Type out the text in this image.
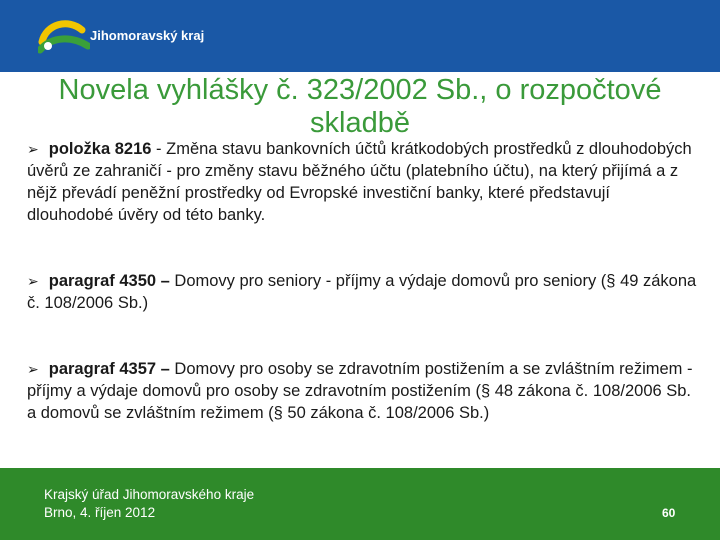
Jihomoravský kraj
Novela vyhlášky č. 323/2002 Sb., o rozpočtové
skladbě
➢ položka 8216 - Změna stavu bankovních účtů krátkodobých prostředků z dlouhodobých úvěrů ze zahraničí - pro změny stavu běžného účtu (platebního účtu), na který přijímá a z nějž převádí peněžní prostředky od Evropské investiční banky, které představují dlouhodobé úvěry od této banky.
➢ paragraf 4350 – Domovy pro seniory - příjmy a výdaje domovů pro seniory (§ 49 zákona č. 108/2006 Sb.)
➢ paragraf 4357 – Domovy pro osoby se zdravotním postižením a se zvláštním režimem - příjmy a výdaje domovů pro osoby se zdravotním postižením (§ 48 zákona č. 108/2006 Sb. a domovů se zvláštním režimem (§ 50 zákona č. 108/2006 Sb.)
Krajský úřad Jihomoravského kraje
Brno, 4. říjen 2012	60
